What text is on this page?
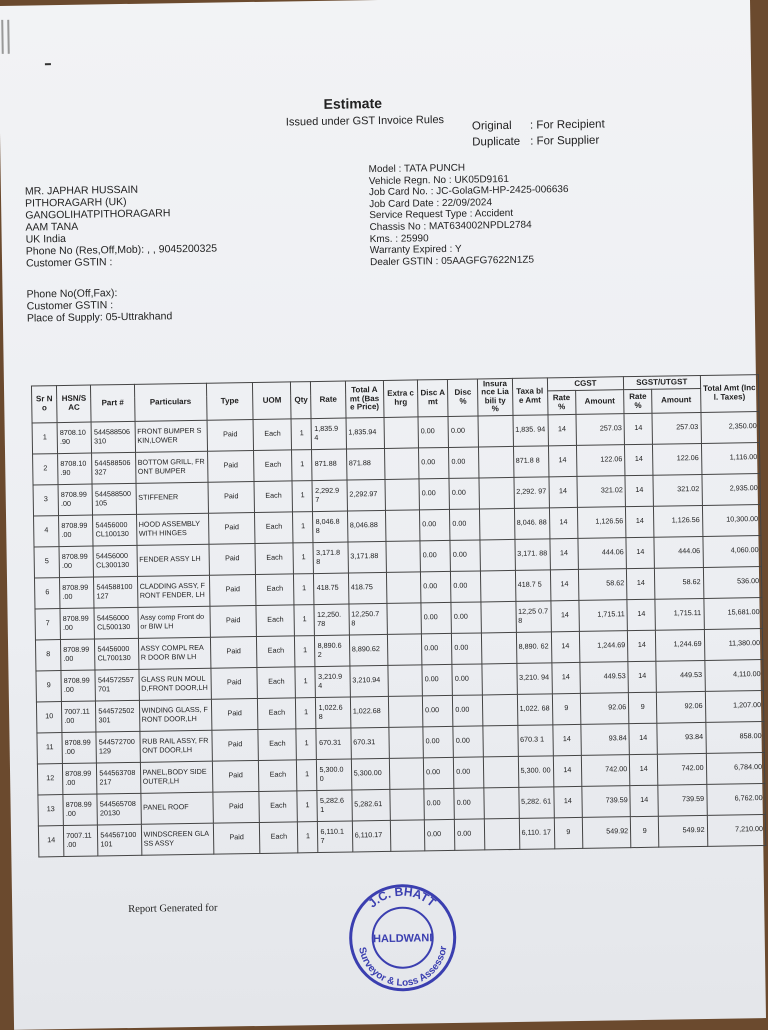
Estimate
Issued under GST Invoice Rules Original : For Recipient
Duplicate : For Supplier
MR. JAPHAR HUSSAIN
PITHORAGARH (UK)
GANGOLIHATPITHORAGARH
AAM TANA
UK India
Phone No (Res,Off,Mob): , , 9045200325
Customer GSTIN :
Model : TATA PUNCH
Vehicle Regn. No : UK05D9161
Job Card No. : JC-GolaGM-HP-2425-006636
Job Card Date : 22/09/2024
Service Request Type : Accident
Chassis No : MAT634002NPDL2784
Kms. : 25990
Warranty Expired : Y
Dealer GSTIN : 05AAGFG7622N1Z5
Phone No(Off,Fax):
Customer GSTIN :
Place of Supply: 05-Uttrakhand
Sr No	HSN/S AC	Part #	Particulars	Type	UOM	Qty	Rate	Total Amt (Base Price)	Extra chrg	Disc Amt	Disc %	Insura nce Liabili ty %	Taxa ble Amt	CGST		SGST/UTGST		Total Amt (Incl. Taxes)
														Rate %	Amount	Rate %	Amount	
1	8708.10 .90	544588506 310	FRONT BUMPER SKIN,LOWER	Paid	Each	1	1,835.9 4	1,835.94		0.00	0.00		1,835. 94	14	257.03	14	257.03	2,350.00
2	8708.10 .90	544588506 327	BOTTOM GRILL, FRONT BUMPER	Paid	Each	1	871.88	871.88		0.00	0.00		871.8 8	14	122.06	14	122.06	1,116.00
3	8708.99 .00	544588500 105	STIFFENER	Paid	Each	1	2,292.9 7	2,292.97		0.00	0.00		2,292. 97	14	321.02	14	321.02	2,935.00
4	8708.99 .00	54456000 CL100130	HOOD ASSEMBLY WITH HINGES	Paid	Each	1	8,046.8 8	8,046.88		0.00	0.00		8,046. 88	14	1,126.56	14	1,126.56	10,300.00
5	8708.99 .00	54456000 CL300130	FENDER ASSY LH	Paid	Each	1	3,171.8 8	3,171.88		0.00	0.00		3,171. 88	14	444.06	14	444.06	4,060.00
6	8708.99 .00	544588100 127	CLADDING ASSY, FRONT FENDER, LH	Paid	Each	1	418.75	418.75		0.00	0.00		418.7 5	14	58.62	14	58.62	536.00
7	8708.99 .00	54456000 CL500130	Assy comp Front door BIW LH	Paid	Each	1	12,250. 78	12,250.7 8		0.00	0.00		12,25 0.78	14	1,715.11	14	1,715.11	15,681.00
8	8708.99 .00	54456000 CL700130	ASSY COMPL REAR DOOR BIW LH	Paid	Each	1	8,890.6 2	8,890.62		0.00	0.00		8,890. 62	14	1,244.69	14	1,244.69	11,380.00
9	8708.99 .00	544572557 701	GLASS RUN MOULD,FRONT DOOR,LH	Paid	Each	1	3,210.9 4	3,210.94		0.00	0.00		3,210. 94	14	449.53	14	449.53	4,110.00
10	7007.11 .00	544572502 301	WINDING GLASS, FRONT DOOR,LH	Paid	Each	1	1,022.6 8	1,022.68		0.00	0.00		1,022. 68	9	92.06	9	92.06	1,207.00
11	8708.99 .00	544572700 129	RUB RAIL ASSY, FRONT DOOR,LH	Paid	Each	1	670.31	670.31		0.00	0.00		670.3 1	14	93.84	14	93.84	858.00
12	8708.99 .00	544563708 217	PANEL,BODY SIDE OUTER,LH	Paid	Each	1	5,300.0 0	5,300.00		0.00	0.00		5,300. 00	14	742.00	14	742.00	6,784.00
13	8708.99 .00	544565708 20130	PANEL ROOF	Paid	Each	1	5,282.6 1	5,282.61		0.00	0.00		5,282. 61	14	739.59	14	739.59	6,762.00
14	7007.11 .00	544567100 101	WINDSCREEN GLASS ASSY	Paid	Each	1	6,110.1 7	6,110.17		0.00	0.00		6,110. 17	9	549.92	9	549.92	7,210.00
Report Generated for	J.C. BHATT
Surveyor & Loss Assessor
HALDWANI
